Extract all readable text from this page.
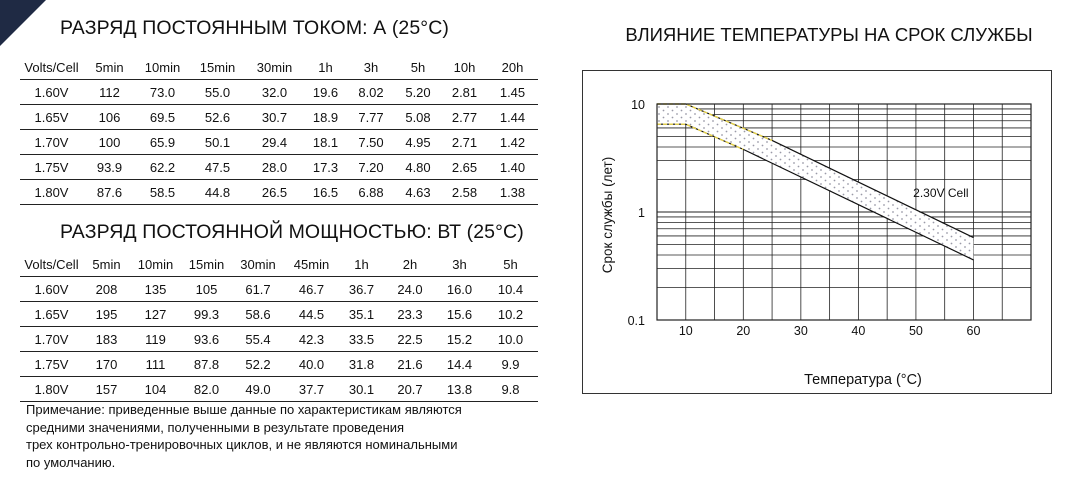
РАЗРЯД ПОСТОЯННЫМ ТОКОМ: А (25°C)
Volts/Cell	5min	10min	15min	30min	1h	3h	5h	10h	20h
1.60V	112	73.0	55.0	32.0	19.6	8.02	5.20	2.81	1.45
1.65V	106	69.5	52.6	30.7	18.9	7.77	5.08	2.77	1.44
1.70V	100	65.9	50.1	29.4	18.1	7.50	4.95	2.71	1.42
1.75V	93.9	62.2	47.5	28.0	17.3	7.20	4.80	2.65	1.40
1.80V	87.6	58.5	44.8	26.5	16.5	6.88	4.63	2.58	1.38
РАЗРЯД ПОСТОЯННОЙ МОЩНОСТЬЮ: ВТ (25°C)
Volts/Cell	5min	10min	15min	30min	45min	1h	2h	3h	5h
1.60V	208	135	105	61.7	46.7	36.7	24.0	16.0	10.4
1.65V	195	127	99.3	58.6	44.5	35.1	23.3	15.6	10.2
1.70V	183	119	93.6	55.4	42.3	33.5	22.5	15.2	10.0
1.75V	170	111	87.8	52.2	40.0	31.8	21.6	14.4	9.9
1.80V	157	104	82.0	49.0	37.7	30.1	20.7	13.8	9.8

Примечание: приведенные выше данные по характеристикам являются
средними значениями, полученными в результате проведения
трех контрольно-тренировочных циклов, и не являются номинальными
по умолчанию.

ВЛИЯНИЕ ТЕМПЕРАТУРЫ НА СРОК СЛУЖБЫ
10	20	30	40	50	60
10
1
0.1
Срок службы (лет)
Температура (°C)
2.30V Cell
